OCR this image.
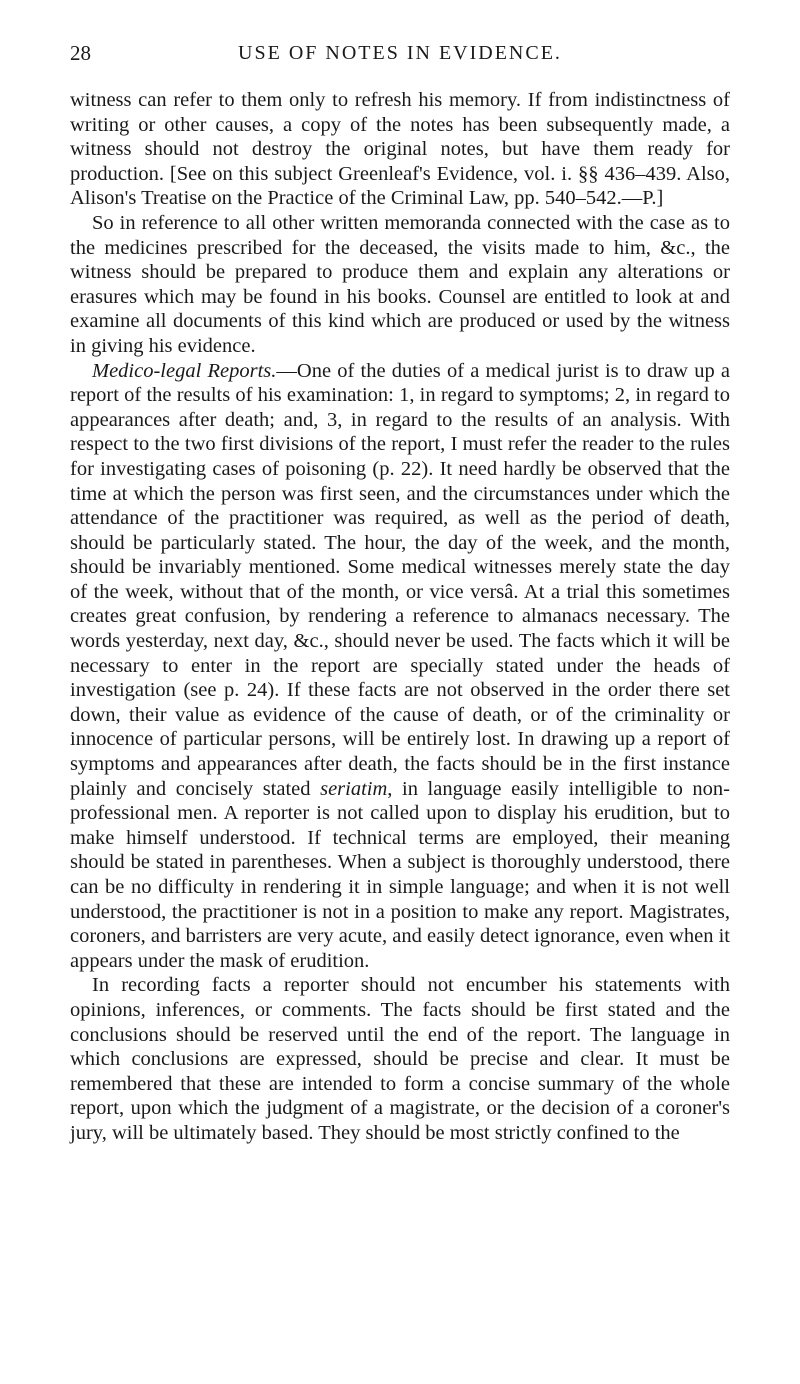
28	USE OF NOTES IN EVIDENCE.

witness can refer to them only to refresh his memory. If from indistinctness of writing or other causes, a copy of the notes has been subsequently made, a witness should not destroy the original notes, but have them ready for production. [See on this subject Greenleaf's Evidence, vol. i. §§ 436–439. Also, Alison's Treatise on the Practice of the Criminal Law, pp. 540–542.—P.]

So in reference to all other written memoranda connected with the case as to the medicines prescribed for the deceased, the visits made to him, &c., the witness should be prepared to produce them and explain any alterations or erasures which may be found in his books. Counsel are entitled to look at and examine all documents of this kind which are produced or used by the witness in giving his evidence.

Medico-legal Reports.—One of the duties of a medical jurist is to draw up a report of the results of his examination: 1, in regard to symptoms; 2, in regard to appearances after death; and, 3, in regard to the results of an analysis. With respect to the two first divisions of the report, I must refer the reader to the rules for investigating cases of poisoning (p. 22). It need hardly be observed that the time at which the person was first seen, and the circumstances under which the attendance of the practitioner was required, as well as the period of death, should be particularly stated. The hour, the day of the week, and the month, should be invariably mentioned. Some medical witnesses merely state the day of the week, without that of the month, or vice versâ. At a trial this sometimes creates great confusion, by rendering a reference to almanacs necessary. The words yesterday, next day, &c., should never be used. The facts which it will be necessary to enter in the report are specially stated under the heads of investigation (see p. 24). If these facts are not observed in the order there set down, their value as evidence of the cause of death, or of the criminality or innocence of particular persons, will be entirely lost. In drawing up a report of symptoms and appearances after death, the facts should be in the first instance plainly and concisely stated seriatim, in language easily intelligible to non-professional men. A reporter is not called upon to display his erudition, but to make himself understood. If technical terms are employed, their meaning should be stated in parentheses. When a subject is thoroughly understood, there can be no difficulty in rendering it in simple language; and when it is not well understood, the practitioner is not in a position to make any report. Magistrates, coroners, and barristers are very acute, and easily detect ignorance, even when it appears under the mask of erudition.

In recording facts a reporter should not encumber his statements with opinions, inferences, or comments. The facts should be first stated and the conclusions should be reserved until the end of the report. The language in which conclusions are expressed, should be precise and clear. It must be remembered that these are intended to form a concise summary of the whole report, upon which the judgment of a magistrate, or the decision of a coroner's jury, will be ultimately based. They should be most strictly confined to the
